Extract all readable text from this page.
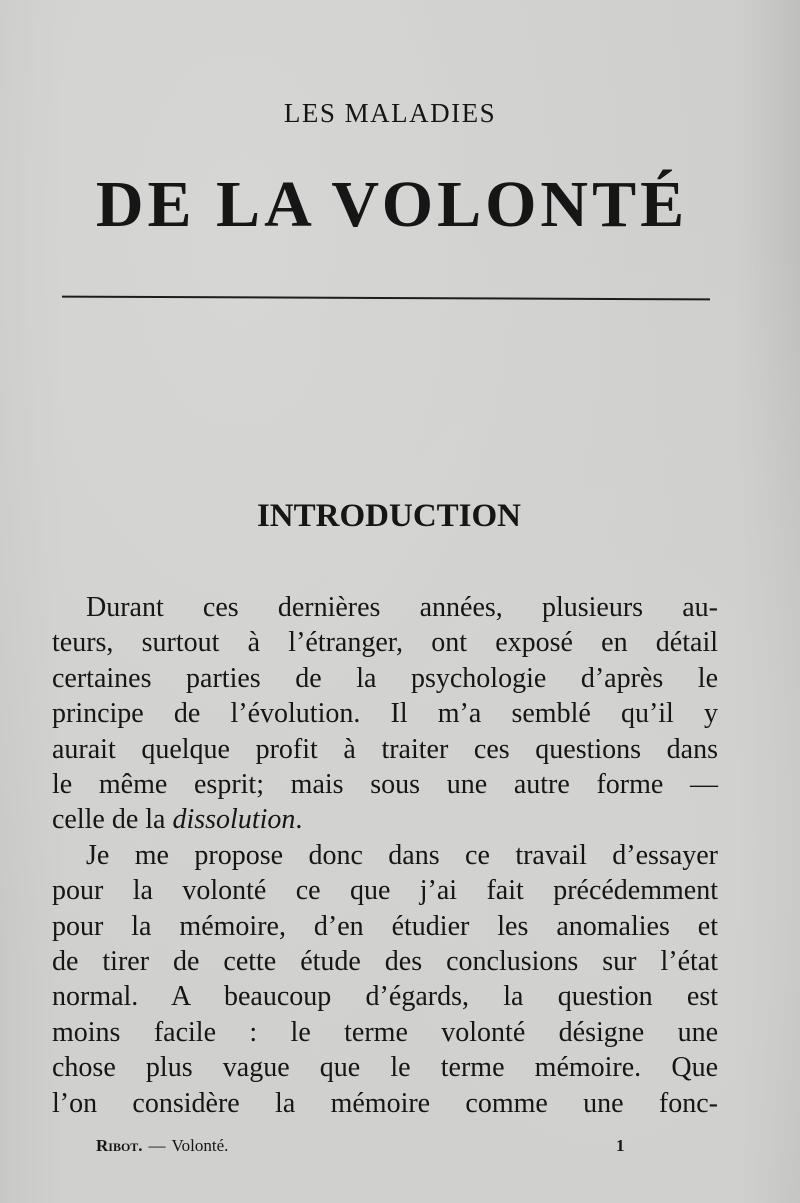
LES MALADIES
DE LA VOLONTÉ
INTRODUCTION
Durant ces dernières années, plusieurs au-
teurs, surtout à l’étranger, ont exposé en détail
certaines parties de la psychologie d’après le
principe de l’évolution. Il m’a semblé qu’il y
aurait quelque profit à traiter ces questions dans
le même esprit; mais sous une autre forme —
celle de la dissolution.
Je me propose donc dans ce travail d’essayer
pour la volonté ce que j’ai fait précédemment
pour la mémoire, d’en étudier les anomalies et
de tirer de cette étude des conclusions sur l’état
normal. A beaucoup d’égards, la question est
moins facile : le terme volonté désigne une
chose plus vague que le terme mémoire. Que
l’on considère la mémoire comme une fonc-
Ribot. — Volonté.	1
